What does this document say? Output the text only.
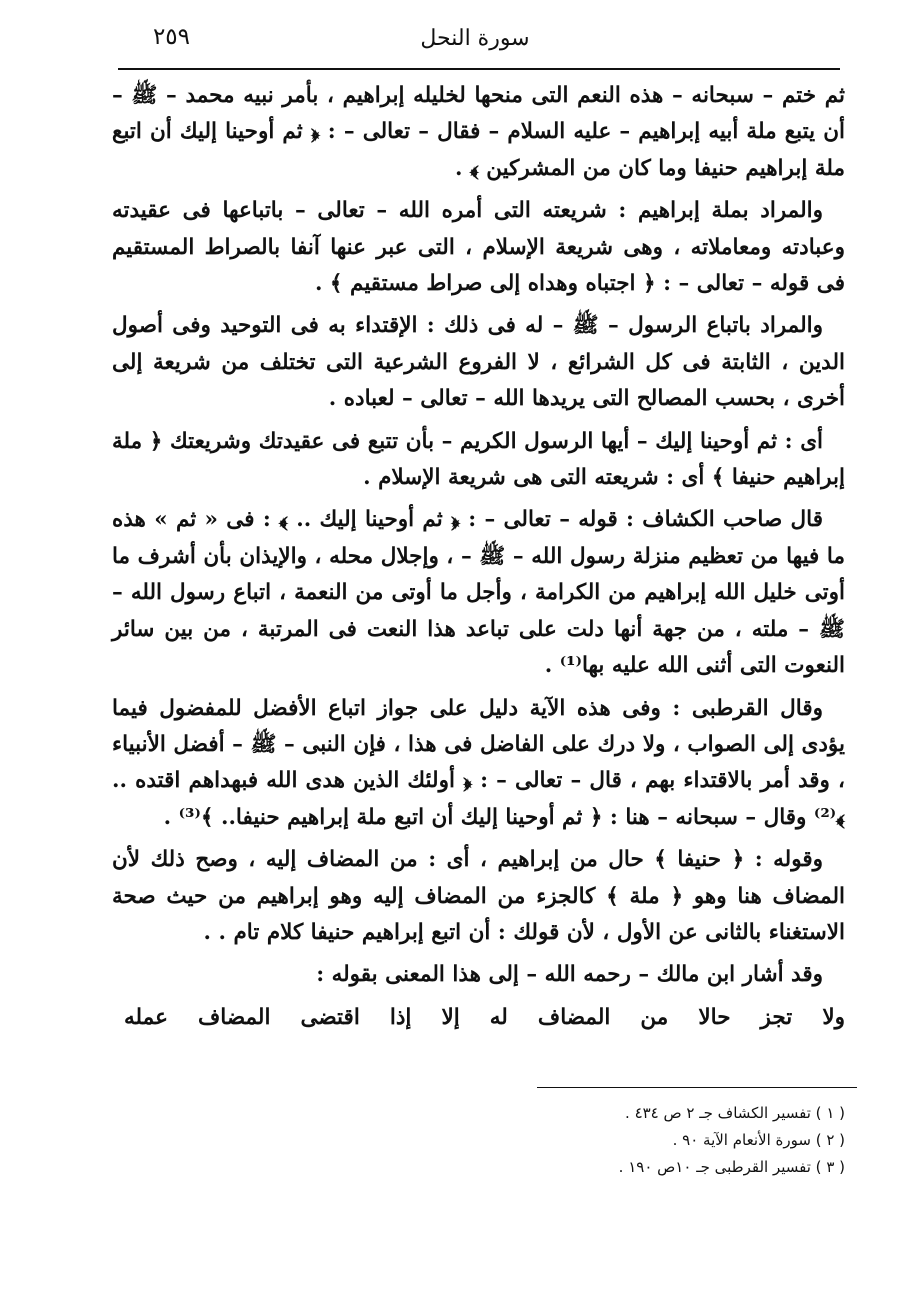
سورة النحل
٢٥٩

ثم ختم – سبحانه – هذه النعم التى منحها لخليله إبراهيم ، بأمر نبيه محمد – ﷺ – أن يتبع ملة أبيه إبراهيم – عليه السلام – فقال – تعالى – : ﴿ ثم أوحينا إليك أن اتبع ملة إبراهيم حنيفا وما كان من المشركين ﴾ .

والمراد بملة إبراهيم : شريعته التى أمره الله – تعالى – باتباعها فى عقيدته وعبادته ومعاملاته ، وهى شريعة الإسلام ، التى عبر عنها آنفا بالصراط المستقيم فى قوله – تعالى – : ﴿ اجتباه وهداه إلى صراط مستقيم ﴾ .

والمراد باتباع الرسول – ﷺ – له فى ذلك : الإقتداء به فى التوحيد وفى أصول الدين ، الثابتة فى كل الشرائع ، لا الفروع الشرعية التى تختلف من شريعة إلى أخرى ، بحسب المصالح التى يريدها الله – تعالى – لعباده .

أى : ثم أوحينا إليك – أيها الرسول الكريم – بأن تتبع فى عقيدتك وشريعتك ﴿ ملة إبراهيم حنيفا ﴾ أى : شريعته التى هى شريعة الإسلام .

قال صاحب الكشاف : قوله – تعالى – : ﴿ ثم أوحينا إليك .. ﴾ : فى « ثم » هذه ما فيها من تعظيم منزلة رسول الله – ﷺ – ، وإجلال محله ، والإيذان بأن أشرف ما أوتى خليل الله إبراهيم من الكرامة ، وأجل ما أوتى من النعمة ، اتباع رسول الله – ﷺ – ملته ، من جهة أنها دلت على تباعد هذا النعت فى المرتبة ، من بين سائر النعوت التى أثنى الله عليه بها⁽¹⁾ .

وقال القرطبى : وفى هذه الآية دليل على جواز اتباع الأفضل للمفضول فيما يؤدى إلى الصواب ، ولا درك على الفاضل فى هذا ، فإن النبى – ﷺ – أفضل الأنبياء ، وقد أمر بالاقتداء بهم ، قال – تعالى – : ﴿ أولئك الذين هدى الله فبهداهم اقتده .. ﴾⁽²⁾ وقال – سبحانه – هنا : ﴿ ثم أوحينا إليك أن اتبع ملة إبراهيم حنيفا.. ﴾⁽³⁾ .

وقوله : ﴿ حنيفا ﴾ حال من إبراهيم ، أى : من المضاف إليه ، وصح ذلك لأن المضاف هنا وهو ﴿ ملة ﴾ كالجزء من المضاف إليه وهو إبراهيم من حيث صحة الاستغناء بالثانى عن الأول ، لأن قولك : أن اتبع إبراهيم حنيفا كلام تام . .

وقد أشار ابن مالك – رحمه الله – إلى هذا المعنى بقوله :

ولا تجز حالا من المضاف له إلا إذا اقتضى المضاف عمله
( ١ ) تفسير الكشاف جـ ٢ ص ٤٣٤ .
( ٢ ) سورة الأنعام الآية ٩٠ .
( ٣ ) تفسير القرطبى جـ ١٠ص ١٩٠ .
